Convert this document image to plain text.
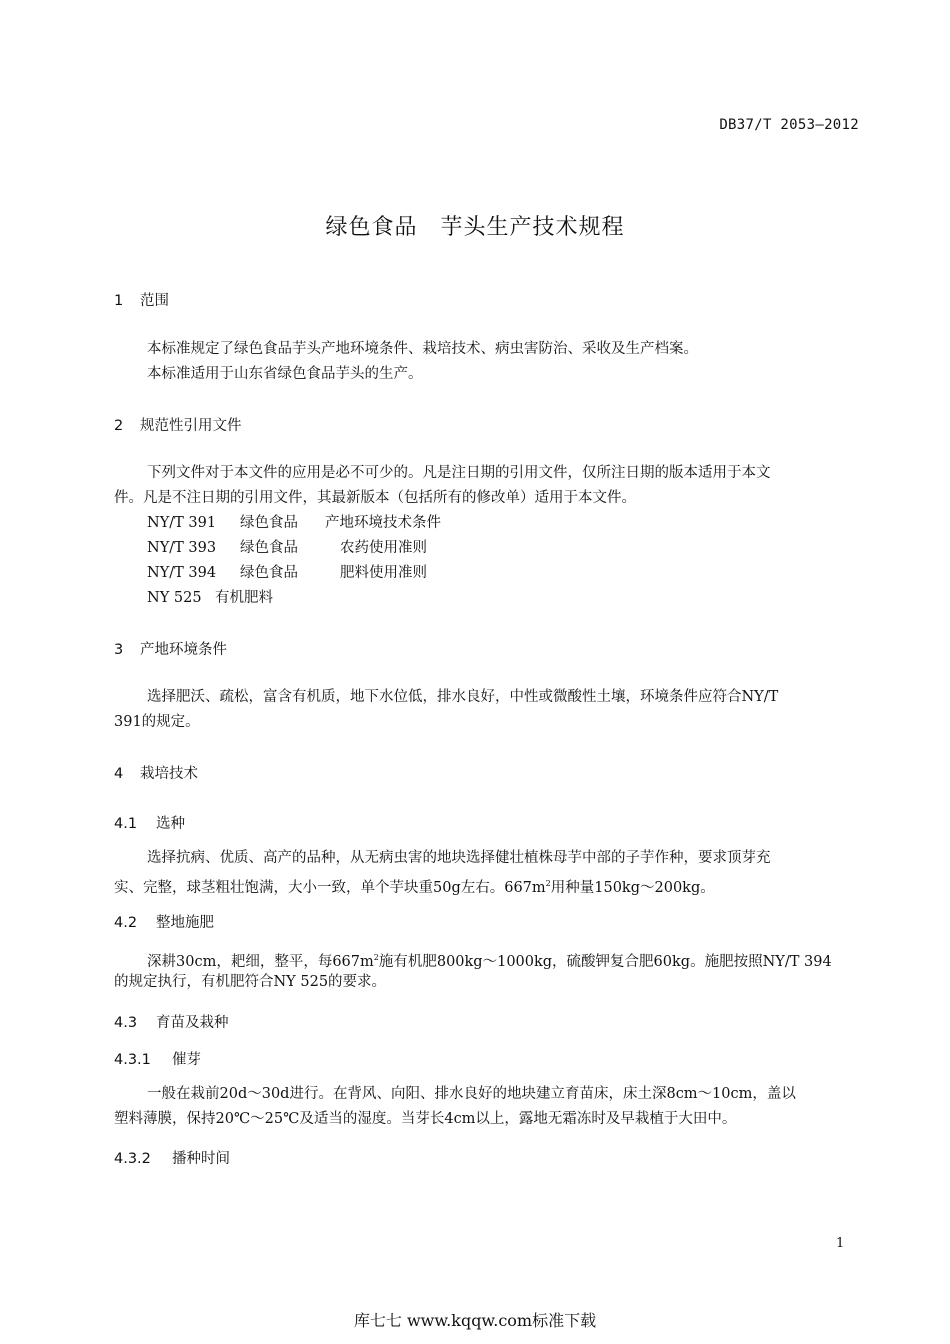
DB37/T 2053—2012
绿色食品　芋头生产技术规程
1 范围
本标准规定了绿色食品芋头产地环境条件、栽培技术、病虫害防治、采收及生产档案。
本标准适用于山东省绿色食品芋头的生产。
2 规范性引用文件
下列文件对于本文件的应用是必不可少的。凡是注日期的引用文件，仅所注日期的版本适用于本文
件。凡是不注日期的引用文件，其最新版本（包括所有的修改单）适用于本文件。
NY/T 391 绿色食品 产地环境技术条件
NY/T 393 绿色食品	农药使用准则
NY/T 394 绿色食品	肥料使用准则
NY 525 有机肥料
3 产地环境条件
选择肥沃、疏松，富含有机质，地下水位低，排水良好，中性或微酸性土壤，环境条件应符合NY/T
391的规定。
4 栽培技术
4.1 选种
选择抗病、优质、高产的品种，从无病虫害的地块选择健壮植株母芋中部的子芋作种，要求顶芽充
实、完整，球茎粗壮饱满，大小一致，单个芋块重50g左右。$667m^2$用种量150kg～200kg。
4.2 整地施肥
深耕30cm，耙细，整平，每$667m^2$施有机肥800kg～1000kg，硫酸钾复合肥60kg。施肥按照NY/T 394
的规定执行，有机肥符合NY 525的要求。
4.3 育苗及栽种
4.3.1 催芽
一般在栽前20d～30d进行。在背风、向阳、排水良好的地块建立育苗床，床土深8cm～10cm，盖以
塑料薄膜，保持20℃～25℃及适当的湿度。当芽长4cm以上，露地无霜冻时及早栽植于大田中。
4.3.2 播种时间
1
库七七 www.kqqw.com标准下载
